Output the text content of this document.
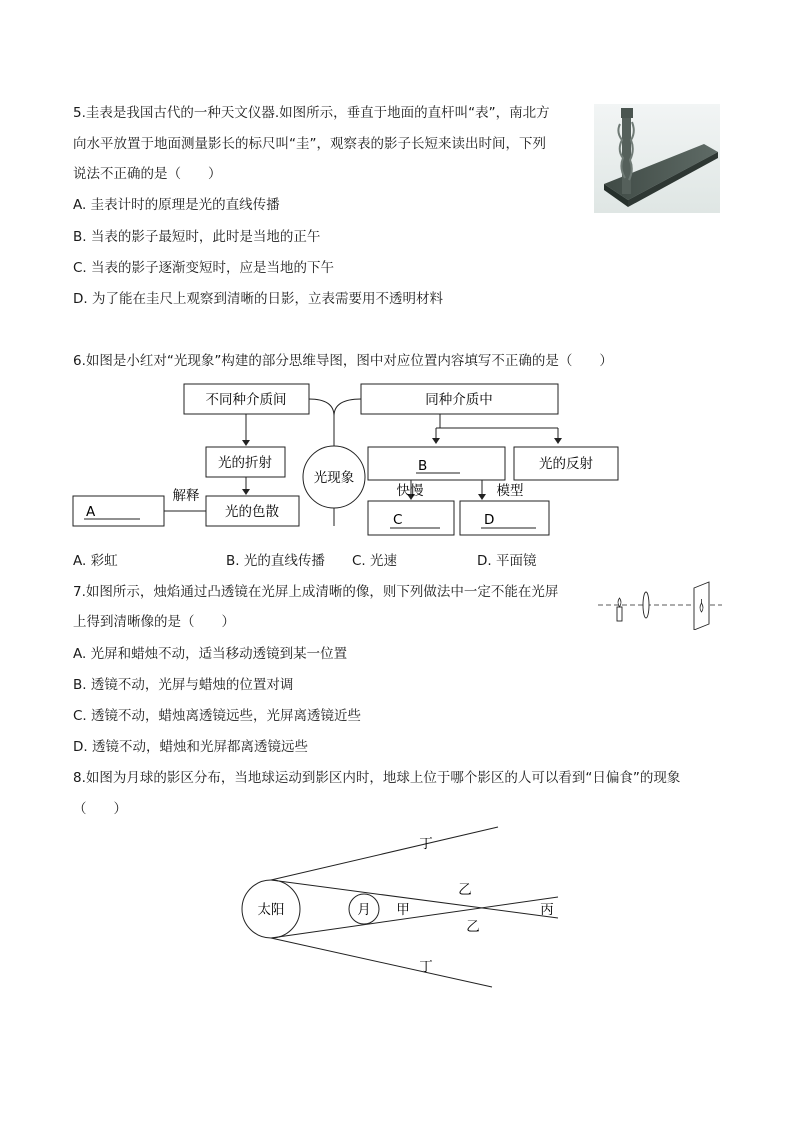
5.圭表是我国古代的一种天文仪器.如图所示，垂直于地面的直杆叫“表”，南北方
向水平放置于地面测量影长的标尺叫“圭”，观察表的影子长短来读出时间，下列
说法不正确的是（　　）
A. 圭表计时的原理是光的直线传播
B. 当表的影子最短时，此时是当地的正午
C. 当表的影子逐渐变短时，应是当地的下午
D. 为了能在圭尺上观察到清晰的日影，立表需要用不透明材料
6.如图是小红对“光现象”构建的部分思维导图，图中对应位置内容填写不正确的是（　　）
不同种介质间	同种介质中
光现象
光的折射
光的色散
A
解释
B	光的反射
快慢	模型
C	D
A. 彩虹	B. 光的直线传播 C. 光速	D. 平面镜
7.如图所示，烛焰通过凸透镜在光屏上成清晰的像，则下列做法中一定不能在光屏
上得到清晰像的是（　　）
A. 光屏和蜡烛不动，适当移动透镜到某一位置
B. 透镜不动，光屏与蜡烛的位置对调
C. 透镜不动，蜡烛离透镜远些，光屏离透镜近些
D. 透镜不动，蜡烛和光屏都离透镜远些
8.如图为月球的影区分布，当地球运动到影区内时，地球上位于哪个影区的人可以看到“日偏食”的现象
（　　）
太阳	月 甲
乙
乙
丙
丁
丁
